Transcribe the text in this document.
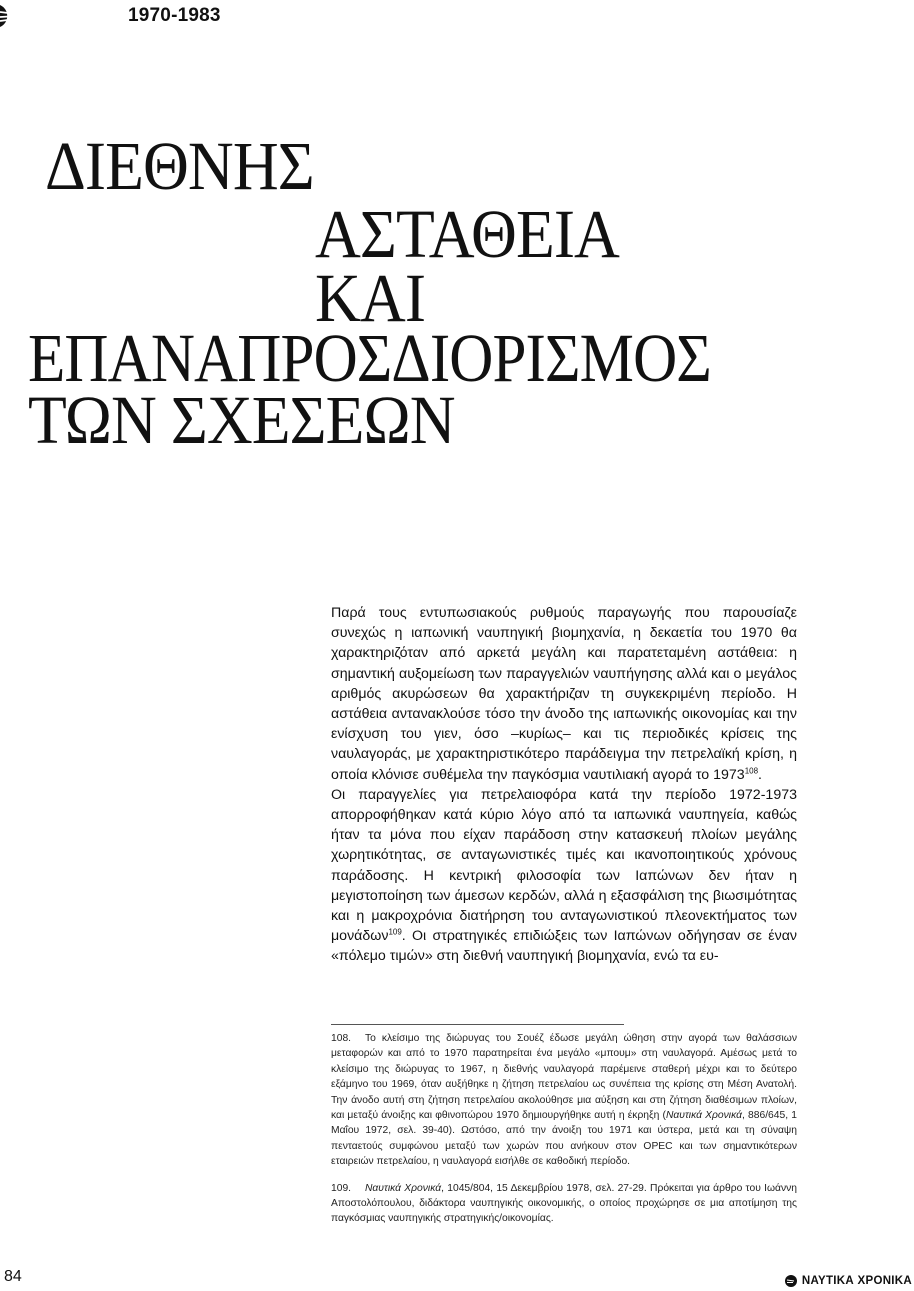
1970-1983
ΔΙΕΘΝΗΣ
ΑΣΤΑΘΕΙΑ
ΚΑΙ
ΕΠΑΝΑΠΡΟΣΔΙΟΡΙΣΜΟΣ
ΤΩΝ ΣΧΕΣΕΩΝ

Παρά τους εντυπωσιακούς ρυθμούς παραγωγής που παρουσίαζε συνεχώς η ιαπωνική ναυπηγική βιομηχανία, η δεκαετία του 1970 θα χαρακτηριζόταν από αρκετά μεγάλη και παρατεταμένη αστάθεια: η σημαντική αυξομείωση των παραγγελιών ναυπήγησης αλλά και ο μεγάλος αριθμός ακυρώσεων θα χαρακτήριζαν τη συγκεκριμένη περίοδο. Η αστάθεια αντανακλούσε τόσο την άνοδο της ιαπωνικής οικονομίας και την ενίσχυση του γιεν, όσο –κυρίως– και τις περιοδικές κρίσεις της ναυλαγοράς, με χαρακτηριστικότερο παράδειγμα την πετρελαϊκή κρίση, η οποία κλόνισε συθέμελα την παγκόσμια ναυτιλιακή αγορά το 1973$^{108}$.

Οι παραγγελίες για πετρελαιοφόρα κατά την περίοδο 1972-1973 απορροφήθηκαν κατά κύριο λόγο από τα ιαπωνικά ναυπηγεία, καθώς ήταν τα μόνα που είχαν παράδοση στην κατασκευή πλοίων μεγάλης χωρητικότητας, σε ανταγωνιστικές τιμές και ικανοποιητικούς χρόνους παράδοσης. Η κεντρική φιλοσοφία των Ιαπώνων δεν ήταν η μεγιστοποίηση των άμεσων κερδών, αλλά η εξασφάλιση της βιωσιμότητας και η μακροχρόνια διατήρηση του ανταγωνιστικού πλεονεκτήματος των μονάδων$^{109}$. Οι στρατηγικές επιδιώξεις των Ιαπώνων οδήγησαν σε έναν «πόλεμο τιμών» στη διεθνή ναυπηγική βιομηχανία, ενώ τα ευ-

108. Το κλείσιμο της διώρυγας του Σουέζ έδωσε μεγάλη ώθηση στην αγορά των θαλάσσιων μεταφορών και από το 1970 παρατηρείται ένα μεγάλο «μπουμ» στη ναυλαγορά. Αμέσως μετά το κλείσιμο της διώρυγας το 1967, η διεθνής ναυλαγορά παρέμεινε σταθερή μέχρι και το δεύτερο εξάμηνο του 1969, όταν αυξήθηκε η ζήτηση πετρελαίου ως συνέπεια της κρίσης στη Μέση Ανατολή. Την άνοδο αυτή στη ζήτηση πετρελαίου ακολούθησε μια αύξηση και στη ζήτηση διαθέσιμων πλοίων, και μεταξύ άνοιξης και φθινοπώρου 1970 δημιουργήθηκε αυτή η έκρηξη (Ναυτικά Χρονικά, 886/645, 1 Μαΐου 1972, σελ. 39-40). Ωστόσο, από την άνοιξη του 1971 και ύστερα, μετά και τη σύναψη πενταετούς συμφώνου μεταξύ των χωρών που ανήκουν στον OPEC και των σημαντικότερων εταιρειών πετρελαίου, η ναυλαγορά εισήλθε σε καθοδική περίοδο.

109. Ναυτικά Χρονικά, 1045/804, 15 Δεκεμβρίου 1978, σελ. 27-29. Πρόκειται για άρθρο του Ιωάννη Αποστολόπουλου, διδάκτορα ναυπηγικής οικονομικής, ο οποίος προχώρησε σε μια αποτίμηση της παγκόσμιας ναυπηγικής στρατηγικής/οικονομίας.

84	ΝΑΥΤΙΚΑ ΧΡΟΝΙΚΑ
